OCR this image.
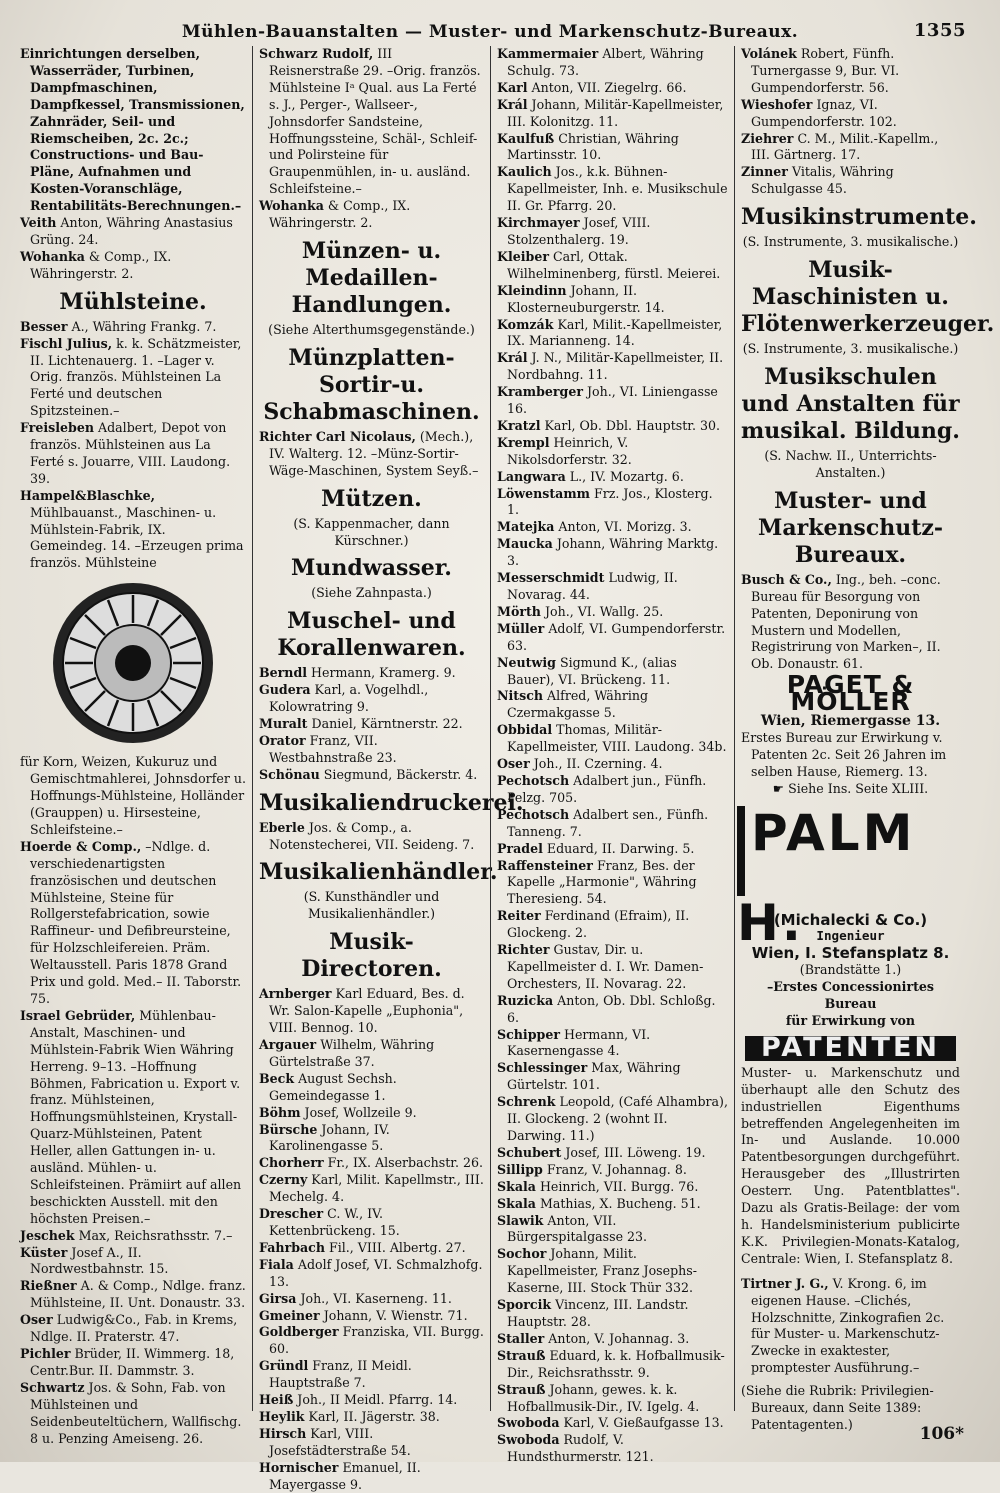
Mühlen-Bauanstalten — Muster- und Markenschutz-Bureaux.	1355

Einrichtungen derselben, Wasserräder, Turbinen, Dampfmaschinen, Dampfkessel, Transmissionen, Zahnräder, Seil- und Riemscheiben, 2c. 2c.; Constructions- und Bau-Pläne, Aufnahmen und Kosten-Voranschläge, Rentabilitäts-Berechnungen.–

Veith Anton, Währing Anastasius Grüng. 24.

Wohanka & Comp., IX. Währingerstr. 2.

Mühlsteine.

Besser A., Währing Frankg. 7.

Fischl Julius, k. k. Schätzmeister, II. Lichtenauerg. 1. –Lager v. Orig. französ. Mühlsteinen La Ferté und deutschen Spitzsteinen.–

Freisleben Adalbert, Depot von französ. Mühlsteinen aus La Ferté s. Jouarre, VIII. Laudong. 39.

Hampel&Blaschke, Mühlbauanst., Maschinen- u. Mühlstein-Fabrik, IX. Gemeindeg. 14. –Erzeugen prima französ. Mühlsteine

für Korn, Weizen, Kukuruz und Gemischtmahlerei, Johnsdorfer u. Hoffnungs-Mühlsteine, Holländer (Grauppen) u. Hirsesteine, Schleifsteine.–

Hoerde & Comp., –Ndlge. d. verschiedenartigsten französischen und deutschen Mühlsteine, Steine für Rollgerstefabrication, sowie Raffineur- und Defibreursteine, für Holzschleifereien. Präm. Weltausstell. Paris 1878 Grand Prix und gold. Med.– II. Taborstr. 75.

Israel Gebrüder, Mühlenbau-Anstalt, Maschinen- und Mühlstein-Fabrik Wien Währing Herreng. 9–13. –Hoffnung Böhmen, Fabrication u. Export v. franz. Mühlsteinen, Hoffnungsmühlsteinen, Krystall-Quarz-Mühlsteinen, Patent Heller, allen Gattungen in- u. ausländ. Mühlen- u. Schleifsteinen. Prämiirt auf allen beschickten Ausstell. mit den höchsten Preisen.–

Jeschek Max, Reichsrathsstr. 7.–

Küster Josef A., II. Nordwestbahnstr. 15.

Rießner A. & Comp., Ndlge. franz. Mühlsteine, II. Unt. Donaustr. 33.

Oser Ludwig&Co., Fab. in Krems, Ndlge. II. Praterstr. 47.

Pichler Brüder, II. Wimmerg. 18, Centr.Bur. II. Dammstr. 3.

Schwartz Jos. & Sohn, Fab. von Mühlsteinen und Seidenbeuteltüchern, Wallfischg. 8 u. Penzing Ameiseng. 26.

Schwarz Rudolf, III Reisnerstraße 29. –Orig. französ. Mühlsteine Iᵃ Qual. aus La Ferté s. J., Perger-, Wallseer-, Johnsdorfer Sandsteine, Hoffnungssteine, Schäl-, Schleif- und Polirsteine für Graupenmühlen, in- u. ausländ. Schleifsteine.–

Wohanka & Comp., IX. Währingerstr. 2.

Münzen- u. Medaillen-Handlungen.
(Siehe Alterthumsgegenstände.)
Münzplatten-Sortir-u. Schabmaschinen.

Richter Carl Nicolaus, (Mech.), IV. Walterg. 12. –Münz-Sortir-Wäge-Maschinen, System Seyß.–

Mützen.
(S. Kappenmacher, dann Kürschner.)
Mundwasser.
(Siehe Zahnpasta.)
Muschel- und Korallenwaren.

Berndl Hermann, Kramerg. 9.

Gudera Karl, a. Vogelhdl., Kolowratring 9.

Muralt Daniel, Kärntnerstr. 22.

Orator Franz, VII. Westbahnstraße 23.

Schönau Siegmund, Bäckerstr. 4.

Musikaliendruckerei.

Eberle Jos. & Comp., a. Notenstecherei, VII. Seideng. 7.

Musikalienhändler.
(S. Kunsthändler und Musikalienhändler.)
Musik-Directoren.

Arnberger Karl Eduard, Bes. d. Wr. Salon-Kapelle „Euphonia", VIII. Bennog. 10.

Argauer Wilhelm, Währing Gürtelstraße 37.

Beck August Sechsh. Gemeindegasse 1.

Böhm Josef, Wollzeile 9.

Bürsche Johann, IV. Karolinengasse 5.

Chorherr Fr., IX. Alserbachstr. 26.

Czerny Karl, Milit. Kapellmstr., III. Mechelg. 4.

Drescher C. W., IV. Kettenbrückeng. 15.

Fahrbach Fil., VIII. Albertg. 27.

Fiala Adolf Josef, VI. Schmalzhofg. 13.

Girsa Joh., VI. Kaserneng. 11.

Gmeiner Johann, V. Wienstr. 71.

Goldberger Franziska, VII. Burgg. 60.

Gründl Franz, II Meidl. Hauptstraße 7.

Heiß Joh., II Meidl. Pfarrg. 14.

Heylik Karl, II. Jägerstr. 38.

Hirsch Karl, VIII. Josefstädterstraße 54.

Hornischer Emanuel, II. Mayergasse 9.

Kammermaier Albert, Währing Schulg. 73.

Karl Anton, VII. Ziegelrg. 66.

Král Johann, Militär-Kapellmeister, III. Kolonitzg. 11.

Kaulfuß Christian, Währing Martinsstr. 10.

Kaulich Jos., k.k. Bühnen-Kapellmeister, Inh. e. Musikschule II. Gr. Pfarrg. 20.

Kirchmayer Josef, VIII. Stolzenthalerg. 19.

Kleiber Carl, Ottak. Wilhelminenberg, fürstl. Meierei.

Kleindinn Johann, II. Klosterneuburgerstr. 14.

Komzák Karl, Milit.-Kapellmeister, IX. Marianneng. 14.

Král J. N., Militär-Kapellmeister, II. Nordbahng. 11.

Kramberger Joh., VI. Liniengasse 16.

Kratzl Karl, Ob. Dbl. Hauptstr. 30.

Krempl Heinrich, V. Nikolsdorferstr. 32.

Langwara L., IV. Mozartg. 6.

Löwenstamm Frz. Jos., Klosterg. 1.

Matejka Anton, VI. Morizg. 3.

Maucka Johann, Währing Marktg. 3.

Messerschmidt Ludwig, II. Novarag. 44.

Mörth Joh., VI. Wallg. 25.

Müller Adolf, VI. Gumpendorferstr. 63.

Neutwig Sigmund K., (alias Bauer), VI. Brückeng. 11.

Nitsch Alfred, Währing Czermakgasse 5.

Obbidal Thomas, Militär-Kapellmeister, VIII. Laudong. 34b.

Oser Joh., II. Czerning. 4.

Pechotsch Adalbert jun., Fünfh. Pelzg. 705.

Pechotsch Adalbert sen., Fünfh. Tanneng. 7.

Pradel Eduard, II. Darwing. 5.

Raffensteiner Franz, Bes. der Kapelle „Harmonie", Währing Theresieng. 54.

Reiter Ferdinand (Efraim), II. Glockeng. 2.

Richter Gustav, Dir. u. Kapellmeister d. I. Wr. Damen-Orchesters, II. Novarag. 22.

Ruzicka Anton, Ob. Dbl. Schloßg. 6.

Schipper Hermann, VI. Kasernengasse 4.

Schlessinger Max, Währing Gürtelstr. 101.

Schrenk Leopold, (Café Alhambra), II. Glockeng. 2 (wohnt II. Darwing. 11.)

Schubert Josef, III. Löweng. 19.

Sillipp Franz, V. Johannag. 8.

Skala Heinrich, VII. Burgg. 76.

Skala Mathias, X. Bucheng. 51.

Slawik Anton, VII. Bürgerspitalgasse 23.

Sochor Johann, Milit. Kapellmeister, Franz Josephs-Kaserne, III. Stock Thür 332.

Sporcik Vincenz, III. Landstr. Hauptstr. 28.

Staller Anton, V. Johannag. 3.

Strauß Eduard, k. k. Hofballmusik-Dir., Reichsrathsstr. 9.

Strauß Johann, gewes. k. k. Hofballmusik-Dir., IV. Igelg. 4.

Swoboda Karl, V. Gießaufgasse 13.

Swoboda Rudolf, V. Hundsthurmerstr. 121.

Volánek Robert, Fünfh. Turnergasse 9, Bur. VI. Gumpendorferstr. 56.

Wieshofer Ignaz, VI. Gumpendorferstr. 102.

Ziehrer C. M., Milit.-Kapellm., III. Gärtnerg. 17.

Zinner Vitalis, Währing Schulgasse 45.

Musikinstrumente.
(S. Instrumente, 3. musikalische.)
Musik-Maschinisten u. Flötenwerkerzeuger.
(S. Instrumente, 3. musikalische.)
Musikschulen und Anstalten für musikal. Bildung.
(S. Nachw. II., Unterrichts-Anstalten.)
Muster- und Markenschutz-Bureaux.

Busch & Co., Ing., beh. –conc. Bureau für Besorgung von Patenten, Deponirung von Mustern und Modellen, Registrirung von Marken–, II. Ob. Donaustr. 61.

PAGET & MÖLLER
Wien, Riemergasse 13.

Erstes Bureau zur Erwirkung v. Patenten 2c. Seit 26 Jahren im selben Hause, Riemerg. 13.

☛ Siehe Ins. Seite XLIII.
PALM H.
(Michalecki & Co.)
Ingenieur
Wien, I. Stefansplatz 8.
(Brandstätte 1.)
–Erstes Concessionirtes Bureau
für Erwirkung von
PATENTEN

Muster- u. Markenschutz und überhaupt alle den Schutz des industriellen Eigenthums betreffenden Angelegenheiten im In- und Auslande. 10.000 Patentbesorgungen durchgeführt. Herausgeber des „Illustrirten Oesterr. Ung. Patentblattes". Dazu als Gratis-Beilage: der vom h. Handelsministerium publicirte K.K. Privilegien-Monats-Katalog, Centrale: Wien, I. Stefansplatz 8.

Tirtner J. G., V. Krong. 6, im eigenen Hause. –Clichés, Holzschnitte, Zinkografien 2c. für Muster- u. Markenschutz-Zwecke in exaktester, promptester Ausführung.–

(Siehe die Rubrik: Privilegien-Bureaux, dann Seite 1389: Patentagenten.)	106*
